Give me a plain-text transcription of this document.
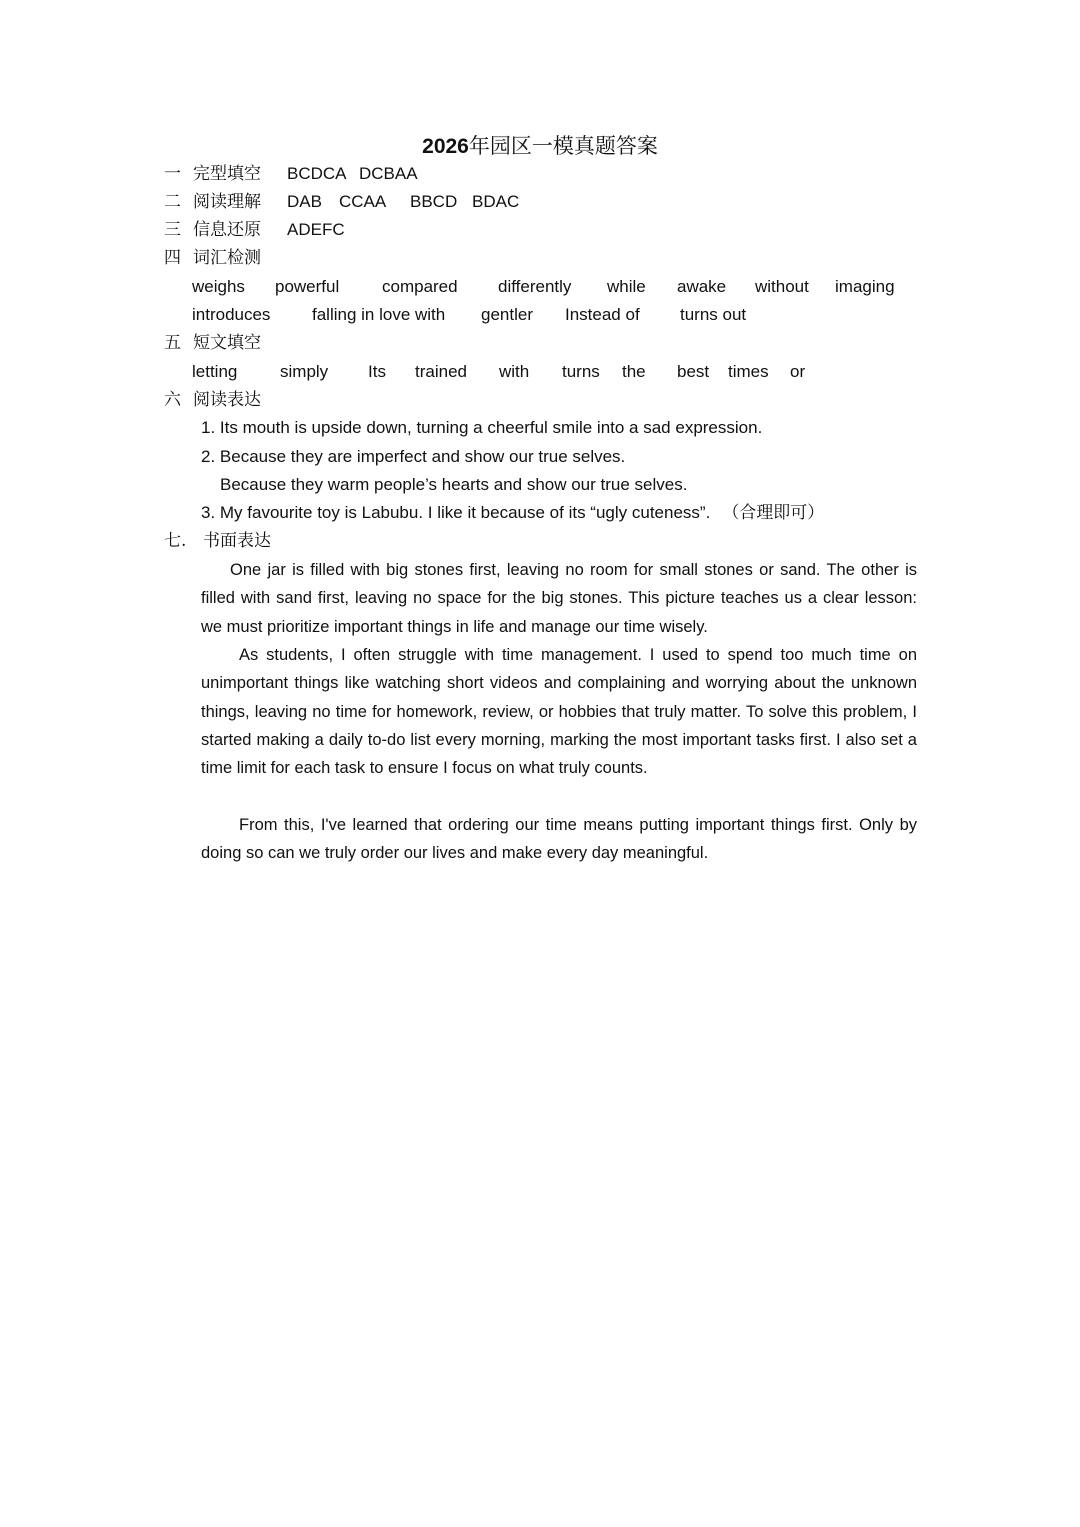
2026年园区一模真题答案
一 完型填空 BCDCA DCBAA
二 阅读理解 DAB CCAA BBCD BDAC
三 信息还原 ADEFC
四 词汇检测
weighs powerful	compared differently while awake without imaging
introduces falling in love with gentler Instead of turns out
五 短文填空
letting	simply Its trained with turns the best times or
六 阅读表达
1. Its mouth is upside down, turning a cheerful smile into a sad expression.
2. Because they are imperfect and show our true selves.
Because they warm people’s hearts and show our true selves.
3. My favourite toy is Labubu. I like it because of its “ugly cuteness”. （合理即可）
七. 书面表达
One jar is filled with big stones first, leaving no room for small stones or sand. The other is filled with sand first, leaving no space for the big stones. This picture teaches us a clear lesson: we must prioritize important things in life and manage our time wisely.
As students, I often struggle with time management. I used to spend too much time on unimportant things like watching short videos and complaining and worrying about the unknown things, leaving no time for homework, review, or hobbies that truly matter. To solve this problem, I started making a daily to-do list every morning, marking the most important tasks first. I also set a time limit for each task to ensure I focus on what truly counts.
From this, I've learned that ordering our time means putting important things first. Only by doing so can we truly order our lives and make every day meaningful.
